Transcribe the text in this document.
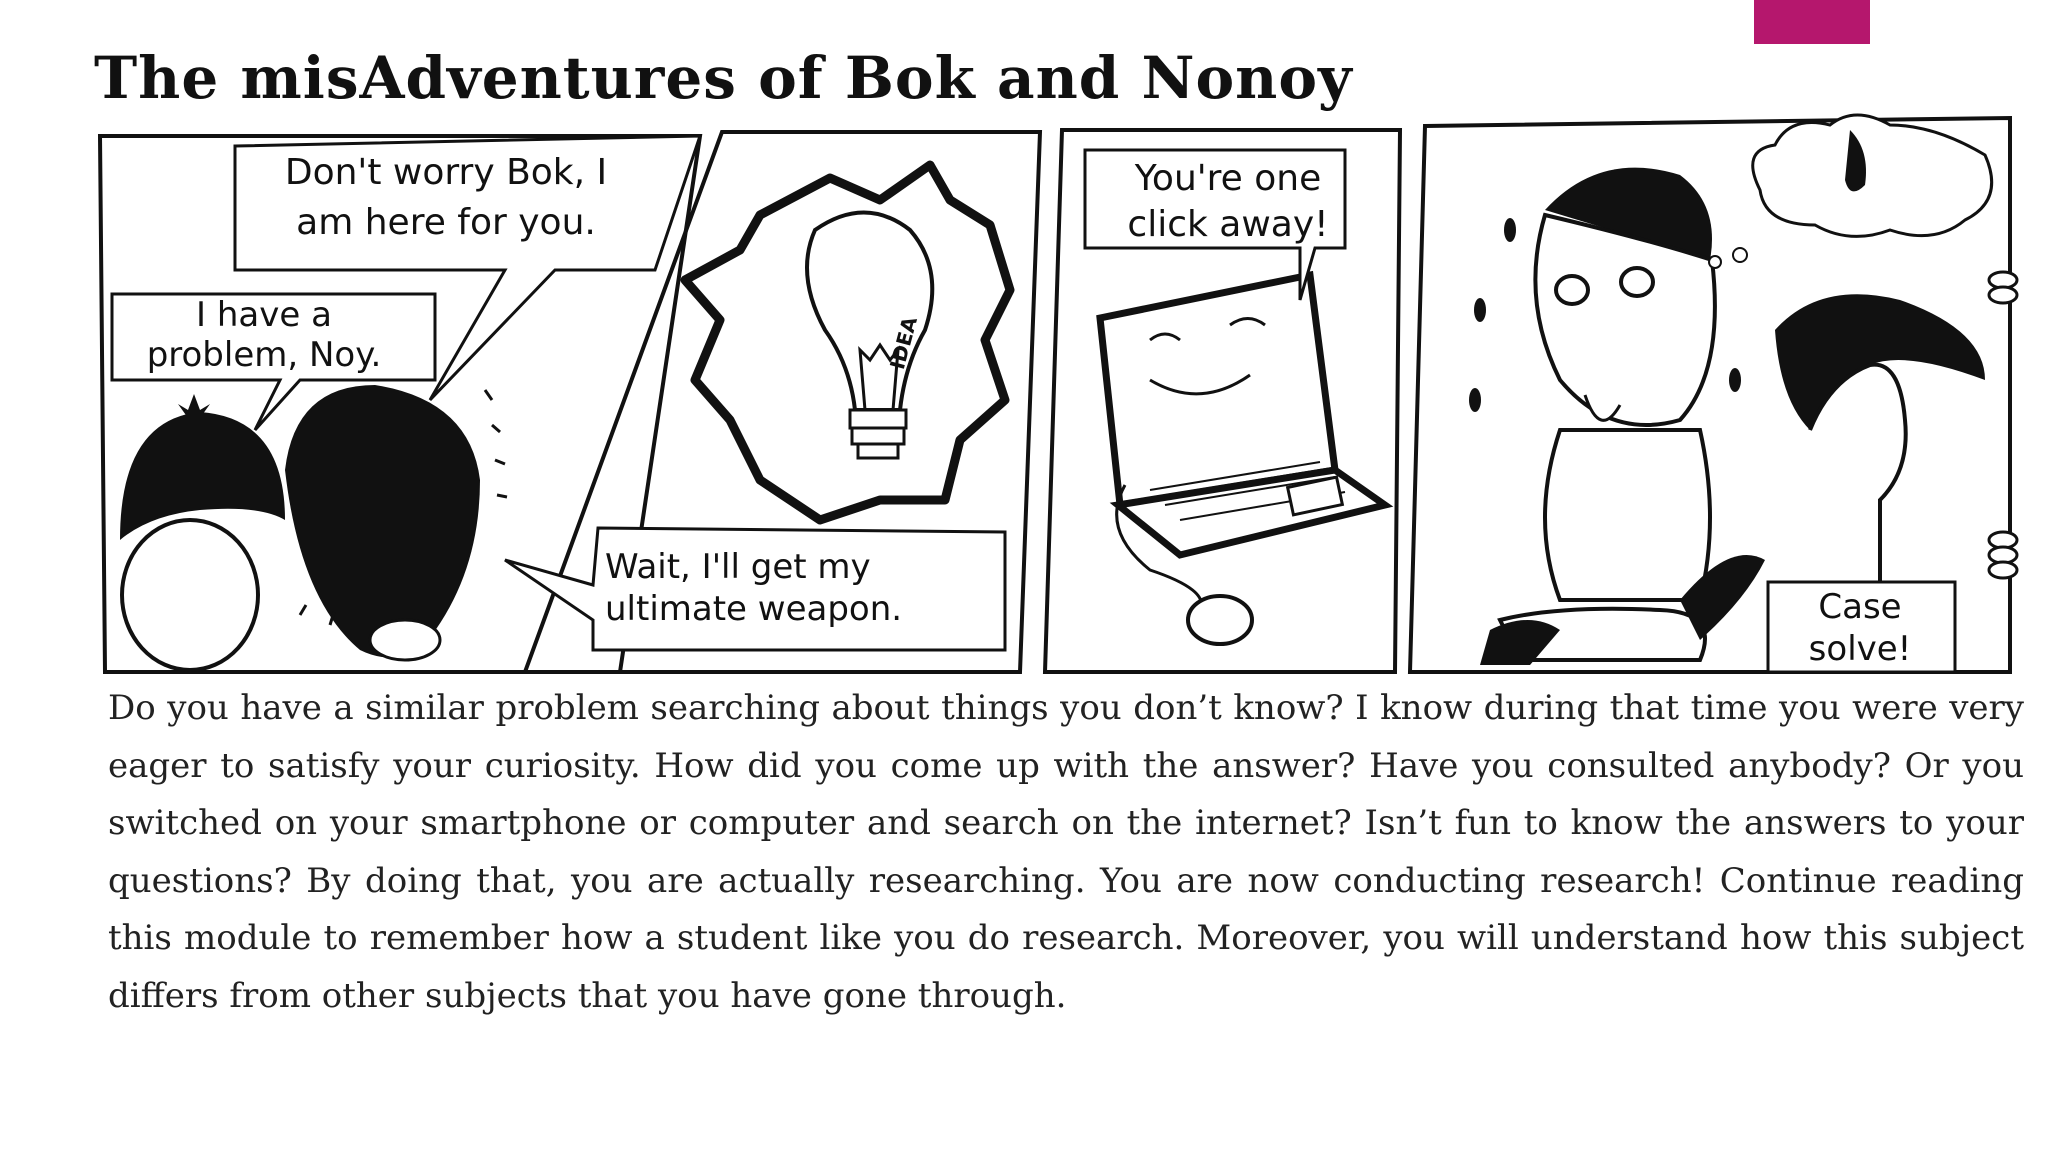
The misAdventures of Bok and Nonoy
Don't worry Bok, I
am here for you.
I have a
problem, Noy.	IDEA
Wait, I'll get my
ultimate weapon.
You're one
click away!
Case
solve!
Do you have a similar problem searching about things you don’t know? I know during that time you were very eager to satisfy your curiosity. How did you come up with the answer? Have you consulted anybody? Or you switched on your smartphone or computer and search on the internet? Isn’t fun to know the answers to your questions? By doing that, you are actually researching. You are now conducting research! Continue reading this module to remember how a student like you do research. Moreover, you will understand how this subject differs from other subjects that you have gone through.
